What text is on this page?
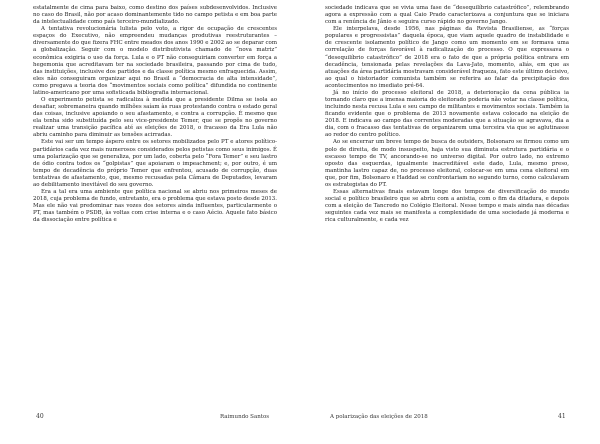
estatalmente de cima para baixo, como destino dos países subdesenvolvidos. Inclusive no caso do Brasil, não por acaso dominantemente tido no campo petista e em boa parte da intelectualidade como país terceiro-mundializado.

A tentativa revolucionária lulista pelo voto, a rigor de ocupação de crescentes espaços do Executivo, não empreendeu mudanças produtivas reestruturantes – diversamente do que fizera FHC entre meados dos anos 1990 e 2002 ao se deparar com a globalização. Seguir com o modelo distributivista chamado de “nova matriz” econômica exigiria o uso da força. Lula e o PT não conseguiriam converter em força a hegemonia que acreditavam ter na sociedade brasileira, passando por cima de tudo, das instituições, inclusive dos partidos e da classe política mesmo enfraquecida. Assim, eles não conseguiram organizar aqui no Brasil a “democracia de alta intensidade”, como pregava a teoria dos “movimentos sociais como política” difundida no continente latino-americano por uma sofisticada bibliografia internacional.

O experimento petista se radicaliza à medida que a presidente Dilma se isola ao desafiar, sobremaneira quando milhões saíam às ruas protestando contra o estado geral das coisas, inclusive apoiando o seu afastamento, e contra a corrupção. É mesmo que ela tenha sido substituída pelo seu vice-presidente Temer, que se propôs no governo realizar uma transição pacífica até as eleições de 2018, o fracasso da Era Lula não abriu caminho para diminuir as tensões acirradas.

Este vai ser um tempo áspero entre os setores mobilizados pelo PT e atores político-partidários cada vez mais numerosos considerados pelos petistas como seus inimigos. É uma polarização que se generaliza, por um lado, coberta pelo “Fora Temer” e seu lastro de ódio contra todos os “golpistas” que apoiaram o impeachment; e, por outro, é um tempo de decadência do próprio Temer que enfrentou, acusado de corrupção, duas tentativas de afastamento, que, mesmo recusadas pela Câmara de Deputados, levaram ao debilitamento inevitável do seu governo.

Era a tal era uma ambiente que política nacional se abriu nos primeiros meses de 2018, cuja problema de fundo, entretanto, era o problema que estava posto desde 2013. Mas ele não vai predominar nas vozes dos setores ainda influentes, particularmente o PT, mas também o PSDB, às voltas com crise interna e o caso Aécio. Aquele fato básico da dissociação entre política e

40	Raimundo Santos

sociedade indicava que se vivia uma fase de “desequilíbrio catastrófico”, relembrando agora a expressão com a qual Caio Prado caracterizava a conjuntura que se iniciara com a renúncia de Jânio e seguira curso rápido no governo Jango.

Ele interpelava, desde 1956, nas páginas da Revista Brasiliense, as “forças populares e progressistas” daquela época, que viam aquele quadro de instabilidade e de crescente isolamento político de Jango como um momento em se formava uma correlação de forças favorável à radicalização do processo. O que expressava o “desequilíbrio catastrófico” de 2018 era o fato de que a própria política entrara em decadência, tensionada pelas revelações da Lava-Jato, momento, aliás, em que as atuações da área partidária mostravam considerável fraqueza, fato este último decisivo, ao qual o historiador comunista também se referira ao falar da precipitação dos acontecimentos no imediato pré-64.

Já no início do processo eleitoral de 2018, a deterioração da cena pública ia tornando claro que a imensa maioria do eleitorado poderia não votar na classe política, incluindo nesta recusa Lula e seu campo de militantes e movimentos sociais. Também ia ficando evidente que o problema de 2013 novamente estava colocado na eleição de 2018. E indicava ao campo das correntes moderadas que a situação se agravava, dia a dia, com o fracasso das tentativas de organizarem uma terceira via que se aglutinasse ao redor do centro político.

Ao se encerrar um breve tempo de busca de outsiders, Bolsonaro se firmou como um polo de direita, de modo insuspeito, haja visto sua diminuta estrutura partidária e o escasso tempo de TV, ancorando-se no universo digital. Por outro lado, no extremo oposto das esquerdas, igualmente inacreditável este dado, Lula, mesmo preso, mantinha lastro capaz de, no processo eleitoral, colocar-se em uma cena eleitoral em que, por fim, Bolsonaro e Haddad se confrontariam no segundo turno, como calculavam os estrategistas do PT.

Essas alternativas finais estavam longe dos tempos de diversificação do mundo social e político brasileiro que se abriu com a anistia, com o fim da ditadura, e depois com a eleição de Tancredo no Colégio Eleitoral. Nesse tempo e mais ainda nas décadas seguintes cada vez mais se manifesta a complexidade de uma sociedade já moderna e rica culturalmente, e cada vez

A polarização das eleições de 2018	41
